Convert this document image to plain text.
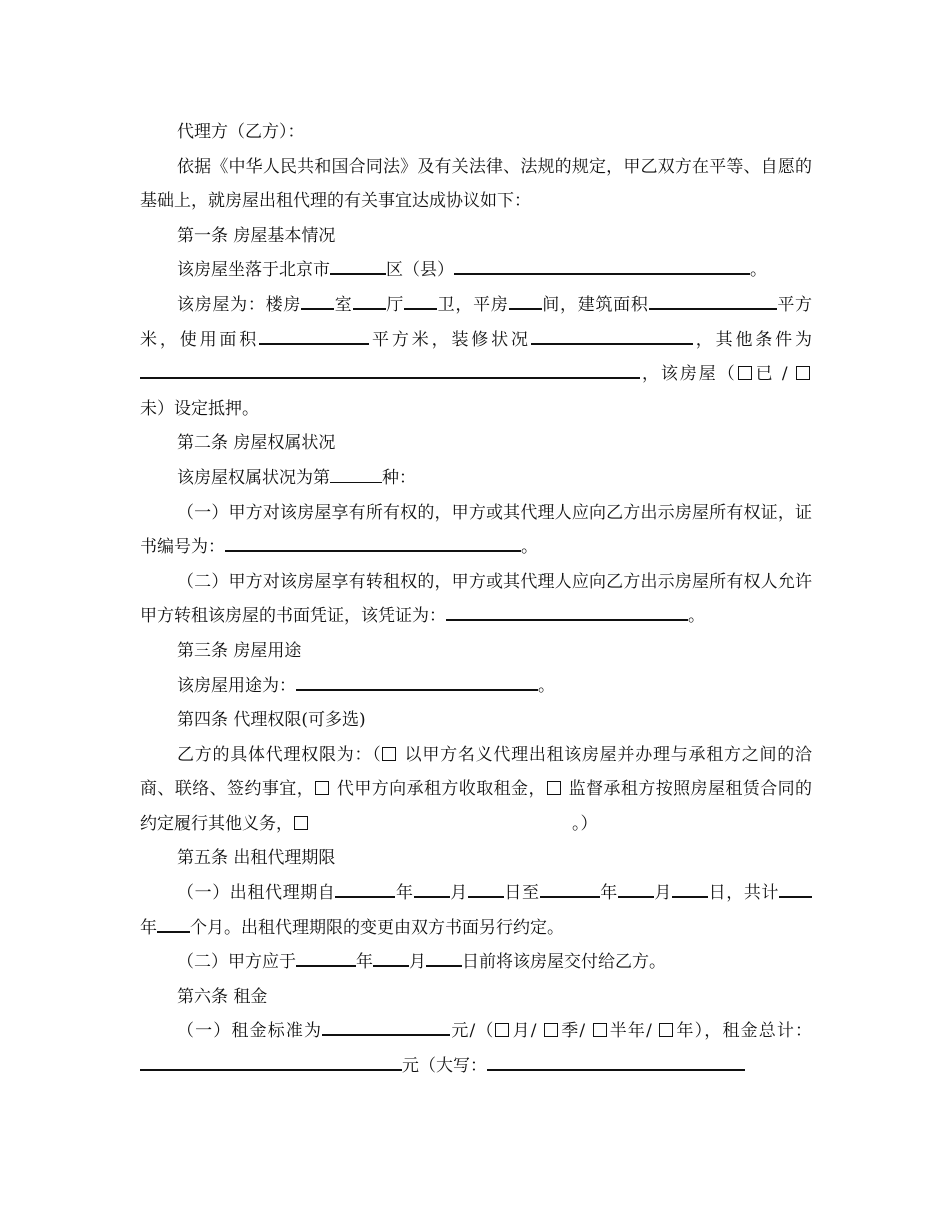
代理方（乙方）：

依据《中华人民共和国合同法》及有关法律、法规的规定，甲乙双方在平等、自愿的基础上，就房屋出租代理的有关事宜达成协议如下：

第一条 房屋基本情况

该房屋坐落于北京市	区（县）	。

该房屋为：楼房 室 厅 卫，平房 间，建筑面积	平方米，使用面积	平方米，装修状况	，其他条件为，该房屋（ 已 / 未）设定抵押。

第二条 房屋权属状况

该房屋权属状况为第	种：

（一）甲方对该房屋享有所有权的，甲方或其代理人应向乙方出示房屋所有权证，证书编号为：	。

（二）甲方对该房屋享有转租权的，甲方或其代理人应向乙方出示房屋所有权人允许甲方转租该房屋的书面凭证，该凭证为：	。

第三条 房屋用途

该房屋用途为：	。

第四条 代理权限(可多选)

乙方的具体代理权限为：（ 以甲方名义代理出租该房屋并办理与承租方之间的洽商、联络、签约事宜， 代甲方向承租方收取租金， 监督承租方按照房屋租赁合同的约定履行其他义务，	。）

第五条 出租代理期限

（一）出租代理期自	年 月 日至	年 月 日，共计年 个月。出租代理期限的变更由双方书面另行约定。

（二）甲方应于	年 月 日前将该房屋交付给乙方。

第六条 租金

（一）租金标准为	元/（ 月/ 季/ 半年/ 年），租金总计：元（大写：
